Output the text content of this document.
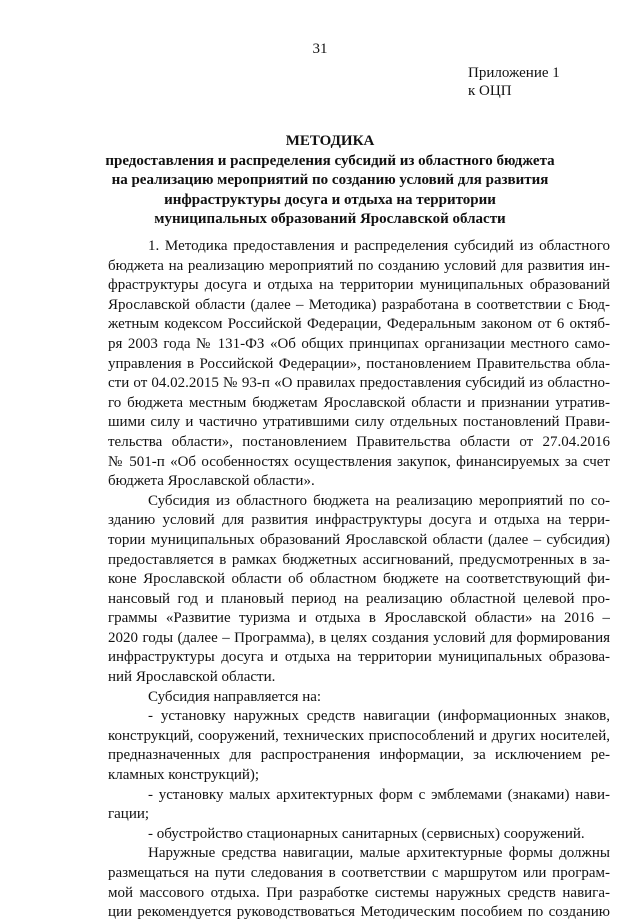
31
Приложение 1
к ОЦП
МЕТОДИКА
предоставления и распределения субсидий из областного бюджета
на реализацию мероприятий по созданию условий для развития
инфраструктуры досуга и отдыха на территории
муниципальных образований Ярославской области
1. Методика предоставления и распределения субсидий из областного
бюджета на реализацию мероприятий по созданию условий для развития ин-
фраструктуры досуга и отдыха на территории муниципальных образований
Ярославской области (далее – Методика) разработана в соответствии с Бюд-
жетным кодексом Российской Федерации, Федеральным законом от 6 октяб-
ря 2003 года № 131-ФЗ «Об общих принципах организации местного само-
управления в Российской Федерации», постановлением Правительства обла-
сти от 04.02.2015 № 93-п «О правилах предоставления субсидий из областно-
го бюджета местным бюджетам Ярославской области и признании утратив-
шими силу и частично утратившими силу отдельных постановлений Прави-
тельства области», постановлением Правительства области от 27.04.2016
№ 501-п «Об особенностях осуществления закупок, финансируемых за счет
бюджета Ярославской области».
Субсидия из областного бюджета на реализацию мероприятий по со-
зданию условий для развития инфраструктуры досуга и отдыха на терри-
тории муниципальных образований Ярославской области (далее – субсидия)
предоставляется в рамках бюджетных ассигнований, предусмотренных в за-
коне Ярославской области об областном бюджете на соответствующий фи-
нансовый год и плановый период на реализацию областной целевой про-
граммы «Развитие туризма и отдыха в Ярославской области» на 2016 –
2020 годы (далее – Программа), в целях создания условий для формирования
инфраструктуры досуга и отдыха на территории муниципальных образова-
ний Ярославской области.
Субсидия направляется на:
- установку наружных средств навигации (информационных знаков,
конструкций, сооружений, технических приспособлений и других носителей,
предназначенных для распространения информации, за исключением ре-
кламных конструкций);
- установку малых архитектурных форм с эмблемами (знаками) нави-
гации;
- обустройство стационарных санитарных (сервисных) сооружений.
Наружные средства навигации, малые архитектурные формы должны
размещаться на пути следования в соответствии с маршрутом или програм-
мой массового отдыха. При разработке системы наружных средств навига-
ции рекомендуется руководствоваться Методическим пособием по созданию
